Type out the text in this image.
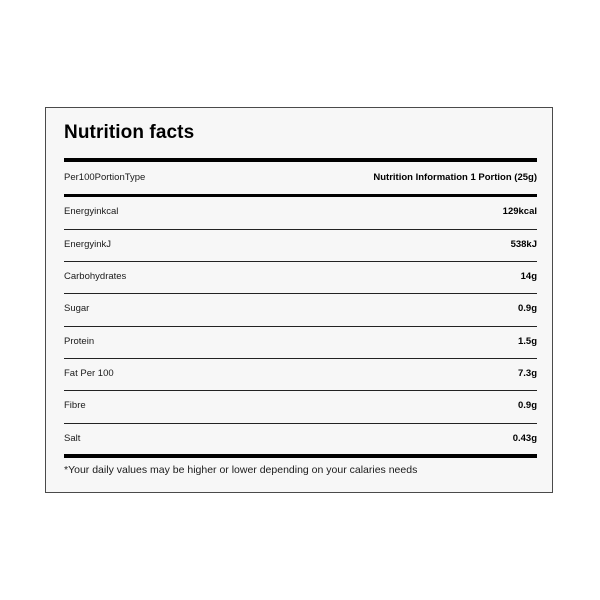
Nutrition facts
Per100PortionType	Nutrition Information 1 Portion (25g)
Energyinkcal	129kcal
EnergyinkJ	538kJ
Carbohydrates	14g
Sugar	0.9g
Protein	1.5g
Fat Per 100	7.3g
Fibre	0.9g
Salt	0.43g
*Your daily values may be higher or lower depending on your calaries needs
